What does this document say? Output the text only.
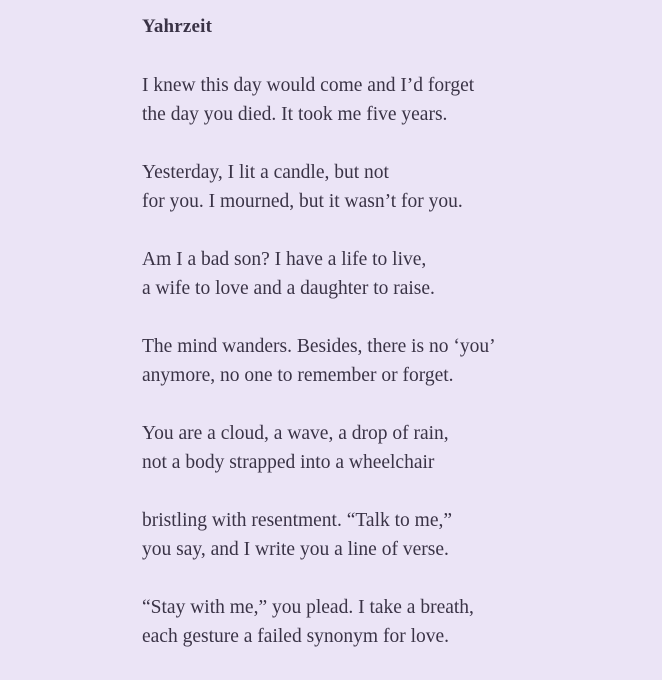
Yahrzeit
I knew this day would come and I’d forget
the day you died. It took me five years.
Yesterday, I lit a candle, but not
for you. I mourned, but it wasn’t for you.
Am I a bad son? I have a life to live,
a wife to love and a daughter to raise.
The mind wanders. Besides, there is no ‘you’
anymore, no one to remember or forget.
You are a cloud, a wave, a drop of rain,
not a body strapped into a wheelchair
bristling with resentment. “Talk to me,”
you say, and I write you a line of verse.
“Stay with me,” you plead. I take a breath,
each gesture a failed synonym for love.
